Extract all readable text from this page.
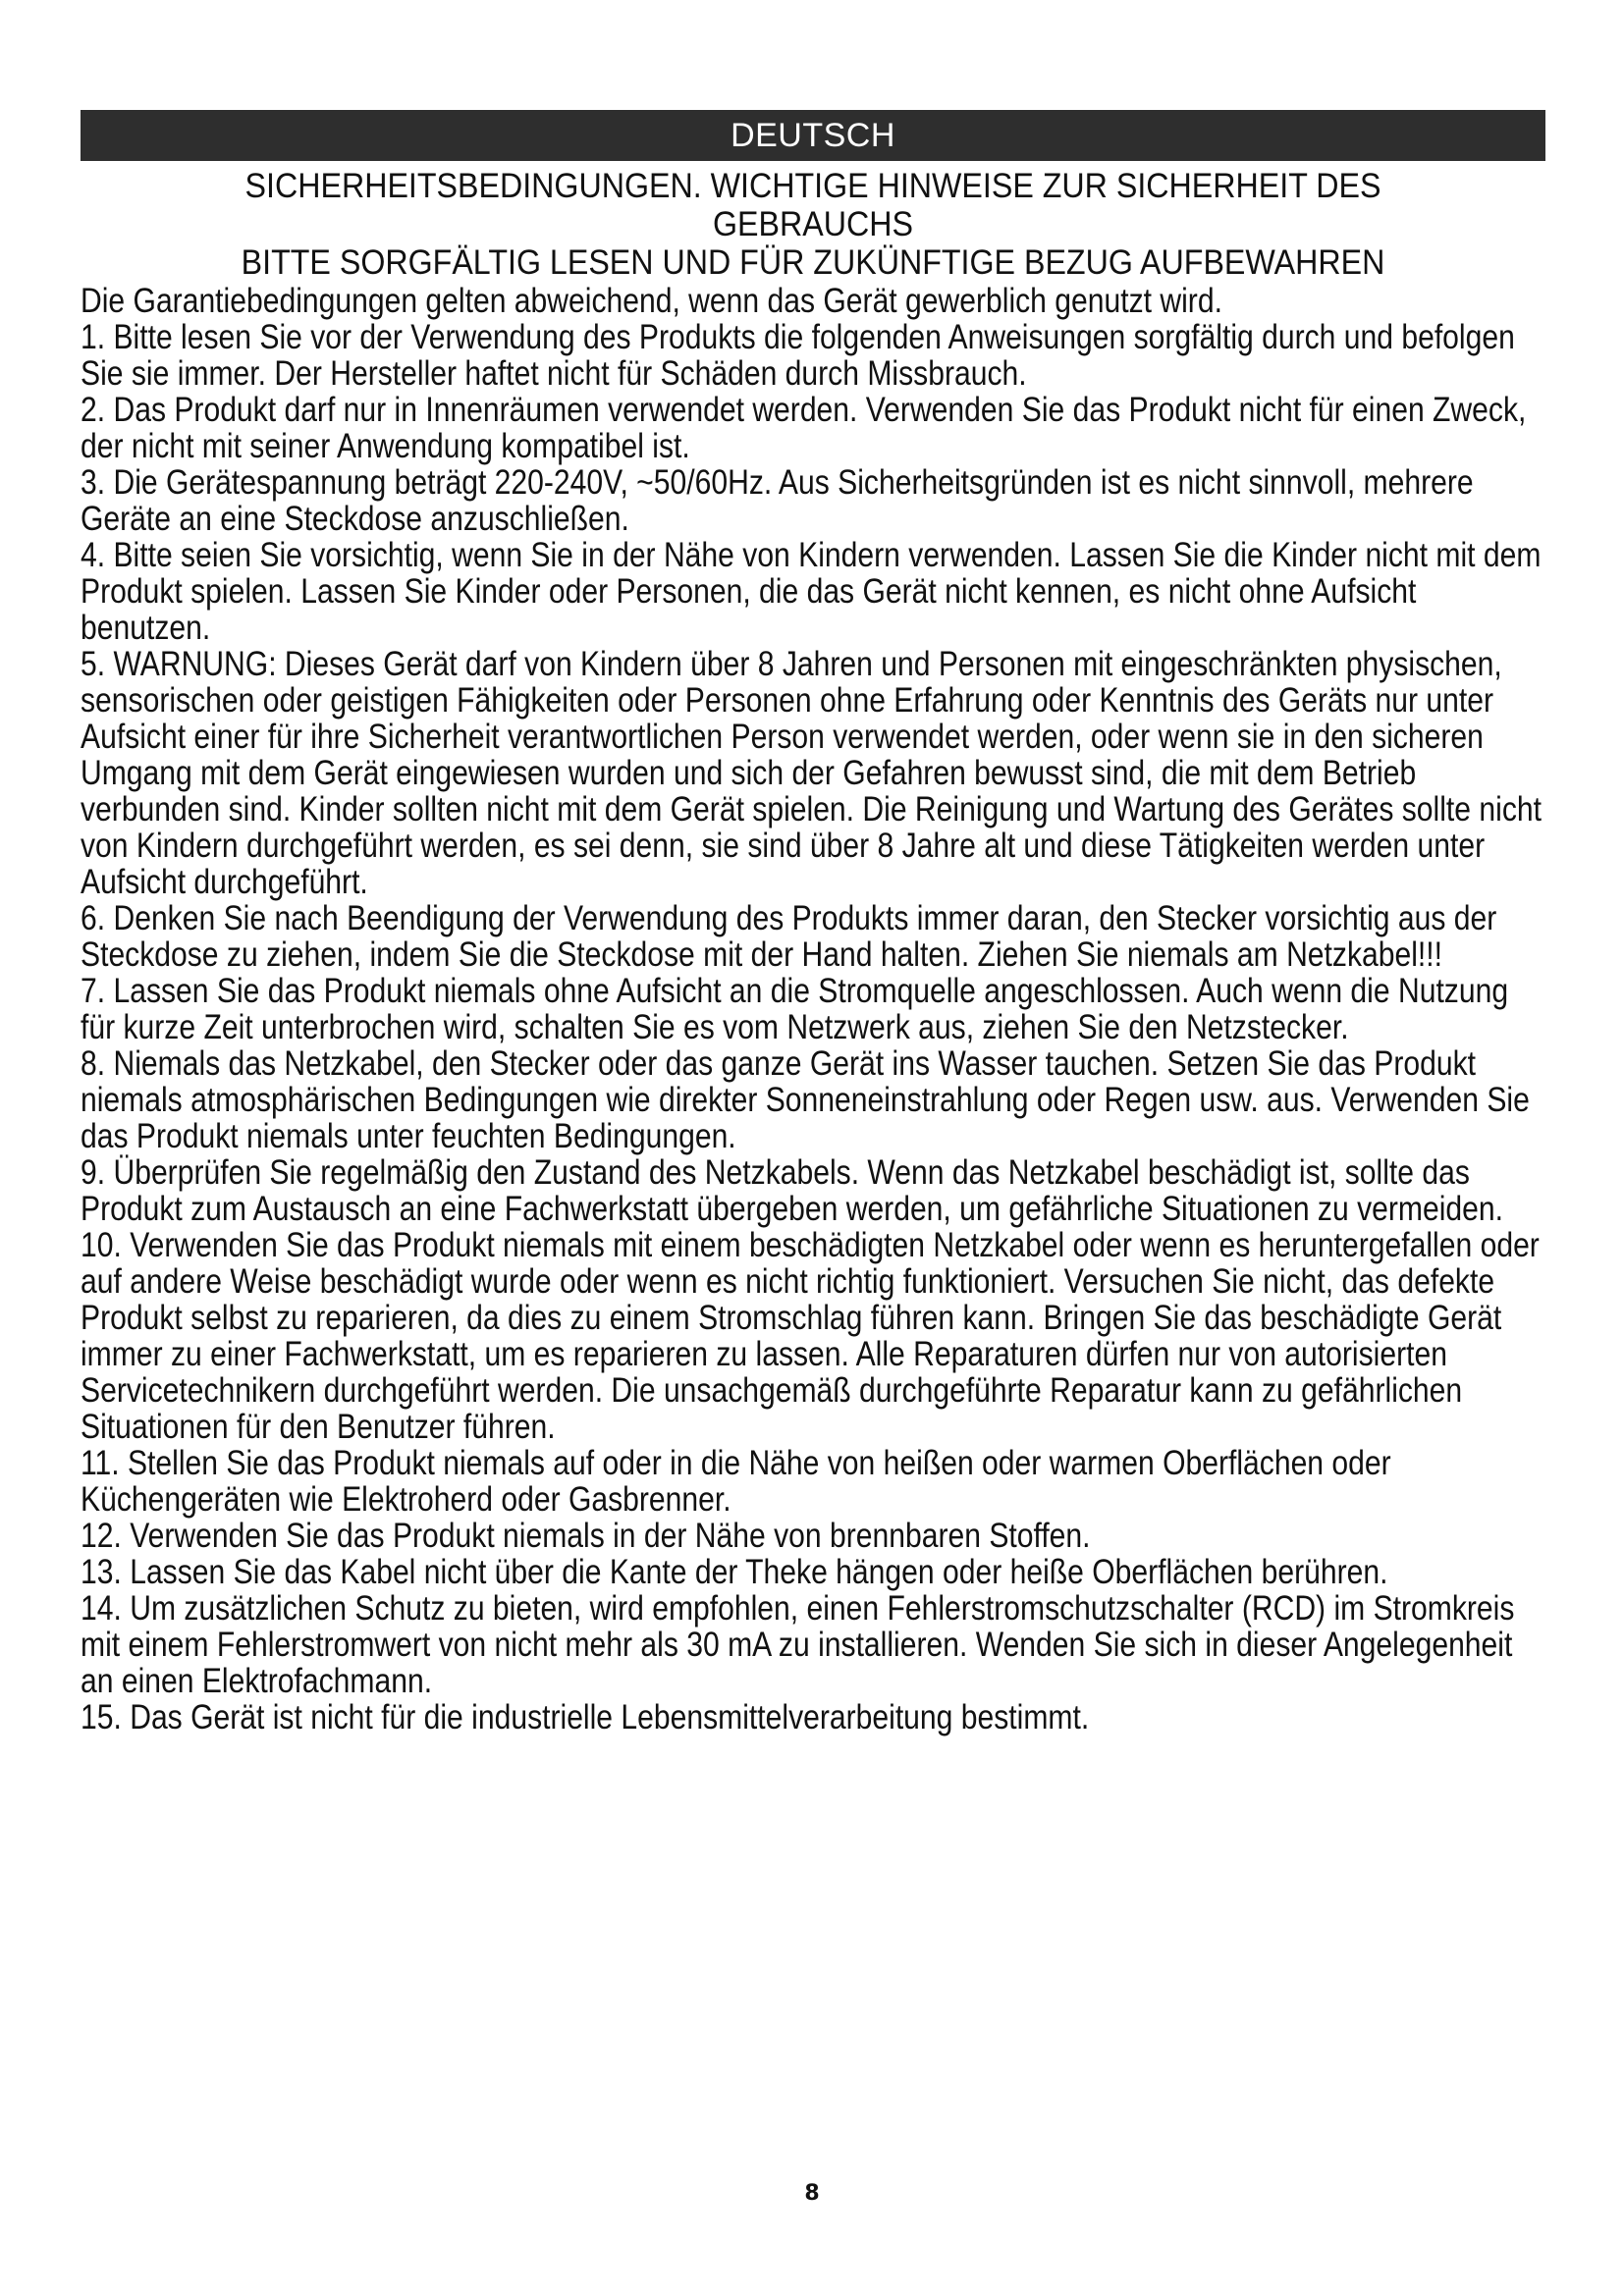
DEUTSCH
SICHERHEITSBEDINGUNGEN. WICHTIGE HINWEISE ZUR SICHERHEIT DES GEBRAUCHS
BITTE SORGFÄLTIG LESEN UND FÜR ZUKÜNFTIGE BEZUG AUFBEWAHREN

Die Garantiebedingungen gelten abweichend, wenn das Gerät gewerblich genutzt wird.

1. Bitte lesen Sie vor der Verwendung des Produkts die folgenden Anweisungen sorgfältig durch und befolgen Sie sie immer. Der Hersteller haftet nicht für Schäden durch Missbrauch.

2. Das Produkt darf nur in Innenräumen verwendet werden. Verwenden Sie das Produkt nicht für einen Zweck, der nicht mit seiner Anwendung kompatibel ist.

3. Die Gerätespannung beträgt 220-240V, ~50/60Hz. Aus Sicherheitsgründen ist es nicht sinnvoll, mehrere Geräte an eine Steckdose anzuschließen.

4. Bitte seien Sie vorsichtig, wenn Sie in der Nähe von Kindern verwenden. Lassen Sie die Kinder nicht mit dem Produkt spielen. Lassen Sie Kinder oder Personen, die das Gerät nicht kennen, es nicht ohne Aufsicht benutzen.

5. WARNUNG: Dieses Gerät darf von Kindern über 8 Jahren und Personen mit eingeschränkten physischen, sensorischen oder geistigen Fähigkeiten oder Personen ohne Erfahrung oder Kenntnis des Geräts nur unter Aufsicht einer für ihre Sicherheit verantwortlichen Person verwendet werden, oder wenn sie in den sicheren Umgang mit dem Gerät eingewiesen wurden und sich der Gefahren bewusst sind, die mit dem Betrieb verbunden sind. Kinder sollten nicht mit dem Gerät spielen. Die Reinigung und Wartung des Gerätes sollte nicht von Kindern durchgeführt werden, es sei denn, sie sind über 8 Jahre alt und diese Tätigkeiten werden unter Aufsicht durchgeführt.

6. Denken Sie nach Beendigung der Verwendung des Produkts immer daran, den Stecker vorsichtig aus der Steckdose zu ziehen, indem Sie die Steckdose mit der Hand halten. Ziehen Sie niemals am Netzkabel!!!

7. Lassen Sie das Produkt niemals ohne Aufsicht an die Stromquelle angeschlossen. Auch wenn die Nutzung für kurze Zeit unterbrochen wird, schalten Sie es vom Netzwerk aus, ziehen Sie den Netzstecker.

8. Niemals das Netzkabel, den Stecker oder das ganze Gerät ins Wasser tauchen. Setzen Sie das Produkt niemals atmosphärischen Bedingungen wie direkter Sonneneinstrahlung oder Regen usw. aus. Verwenden Sie das Produkt niemals unter feuchten Bedingungen.

9. Überprüfen Sie regelmäßig den Zustand des Netzkabels. Wenn das Netzkabel beschädigt ist, sollte das Produkt zum Austausch an eine Fachwerkstatt übergeben werden, um gefährliche Situationen zu vermeiden.

10. Verwenden Sie das Produkt niemals mit einem beschädigten Netzkabel oder wenn es heruntergefallen oder auf andere Weise beschädigt wurde oder wenn es nicht richtig funktioniert. Versuchen Sie nicht, das defekte Produkt selbst zu reparieren, da dies zu einem Stromschlag führen kann. Bringen Sie das beschädigte Gerät immer zu einer Fachwerkstatt, um es reparieren zu lassen. Alle Reparaturen dürfen nur von autorisierten Servicetechnikern durchgeführt werden. Die unsachgemäß durchgeführte Reparatur kann zu gefährlichen Situationen für den Benutzer führen.

11. Stellen Sie das Produkt niemals auf oder in die Nähe von heißen oder warmen Oberflächen oder Küchengeräten wie Elektroherd oder Gasbrenner.

12. Verwenden Sie das Produkt niemals in der Nähe von brennbaren Stoffen.

13. Lassen Sie das Kabel nicht über die Kante der Theke hängen oder heiße Oberflächen berühren.

14. Um zusätzlichen Schutz zu bieten, wird empfohlen, einen Fehlerstromschutzschalter (RCD) im Stromkreis mit einem Fehlerstromwert von nicht mehr als 30 mA zu installieren. Wenden Sie sich in dieser Angelegenheit an einen Elektrofachmann.

15. Das Gerät ist nicht für die industrielle Lebensmittelverarbeitung bestimmt.

8
